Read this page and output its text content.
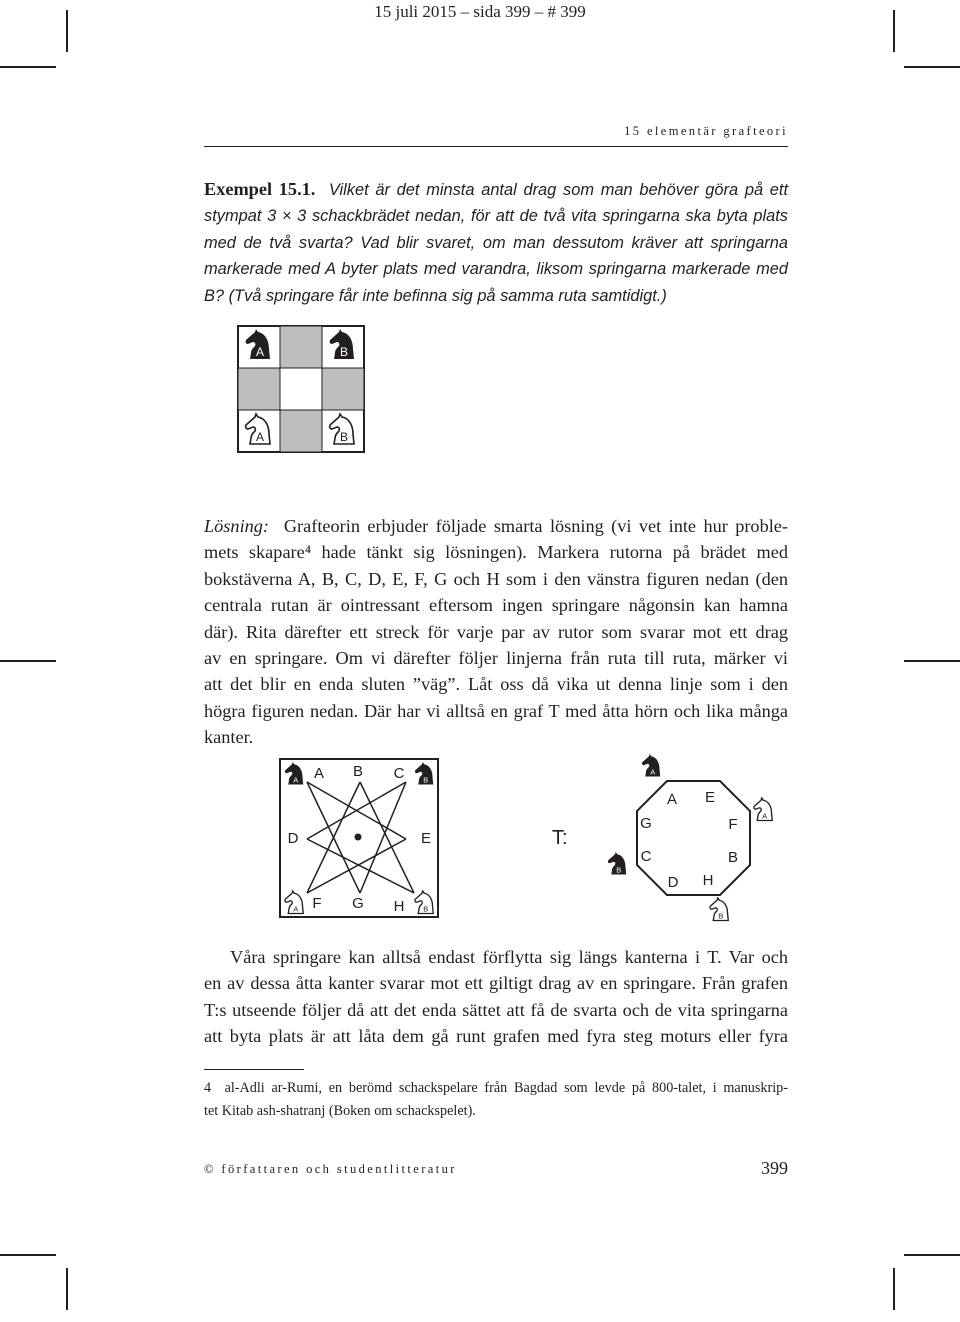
15 juli 2015 – sida 399 – # 399
15 elementär grafteori
Exempel 15.1. Vilket är det minsta antal drag som man behöver göra på ett
stympat 3 × 3 schackbrädet nedan, för att de två vita springarna ska byta plats
med de två svarta? Vad blir svaret, om man dessutom kräver att springarna
markerade med A byter plats med varandra, liksom springarna markerade med
B? (Två springare får inte befinna sig på samma ruta samtidigt.)
A	B
A	B
Lösning: Grafteorin erbjuder följade smarta lösning (vi vet inte hur proble-
mets skapare⁴ hade tänkt sig lösningen). Markera rutorna på brädet med
bokstäverna A, B, C, D, E, F, G och H som i den vänstra figuren nedan (den
centrala rutan är ointressant eftersom ingen springare någonsin kan hamna
där). Rita därefter ett streck för varje par av rutor som svarar mot ett drag
av en springare. Om vi därefter följer linjerna från ruta till ruta, märker vi
att det blir en enda sluten ”väg”. Låt oss då vika ut denna linje som i den
högra figuren nedan. Där har vi alltså en graf T med åtta hörn och lika många
kanter.
A B C
D	E
F G H
A	B
A	B
T:
A E
F
B
H
D
C
G
A
A
B
B
Våra springare kan alltså endast förflytta sig längs kanterna i T. Var och
en av dessa åtta kanter svarar mot ett giltigt drag av en springare. Från grafen
T:s utseende följer då att det enda sättet att få de svarta och de vita springarna
att byta plats är att låta dem gå runt grafen med fyra steg moturs eller fyra
4 al-Adli ar-Rumi, en berömd schackspelare från Bagdad som levde på 800-talet, i manuskrip-
tet Kitab ash-shatranj (Boken om schackspelet).
© författaren och studentlitteratur	399
